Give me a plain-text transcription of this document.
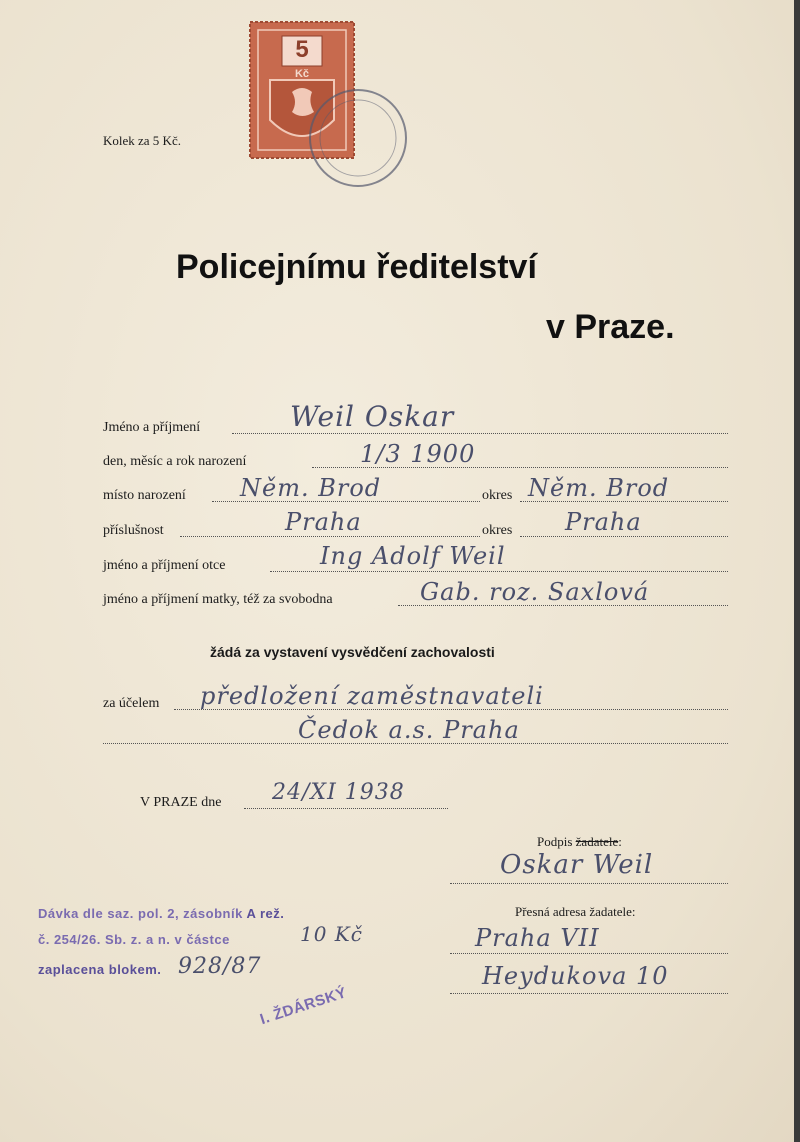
Kolek za 5 Kč.
5
Kč
Policejnímu ředitelství
v Praze.
Jméno a příjmení	Weil Oskar
den, měsíc a rok narození	1/3 1900
místo narození Něm. Brod	okres Něm. Brod
příslušnost	Praha	okres Praha
jméno a příjmení otce	Ing Adolf Weil
jméno a příjmení matky, též za svobodna	Gab. roz. Saxlová
žádá za vystavení vysvědčení zachovalosti
za účelem předložení zaměstnavateli
Čedok a.s. Praha
V PRAZE dne 24/XI 1938
Podpis žadatele:
Oskar Weil
Přesná adresa žadatele:
Praha VII
Heydukova 10
Dávka dle saz. pol. 2, zásobník A rež.
č. 254/26. Sb. z. a n. v částce	10 Kč
zaplacena blokem. 928/87
I. ŽDÁRSKÝ
